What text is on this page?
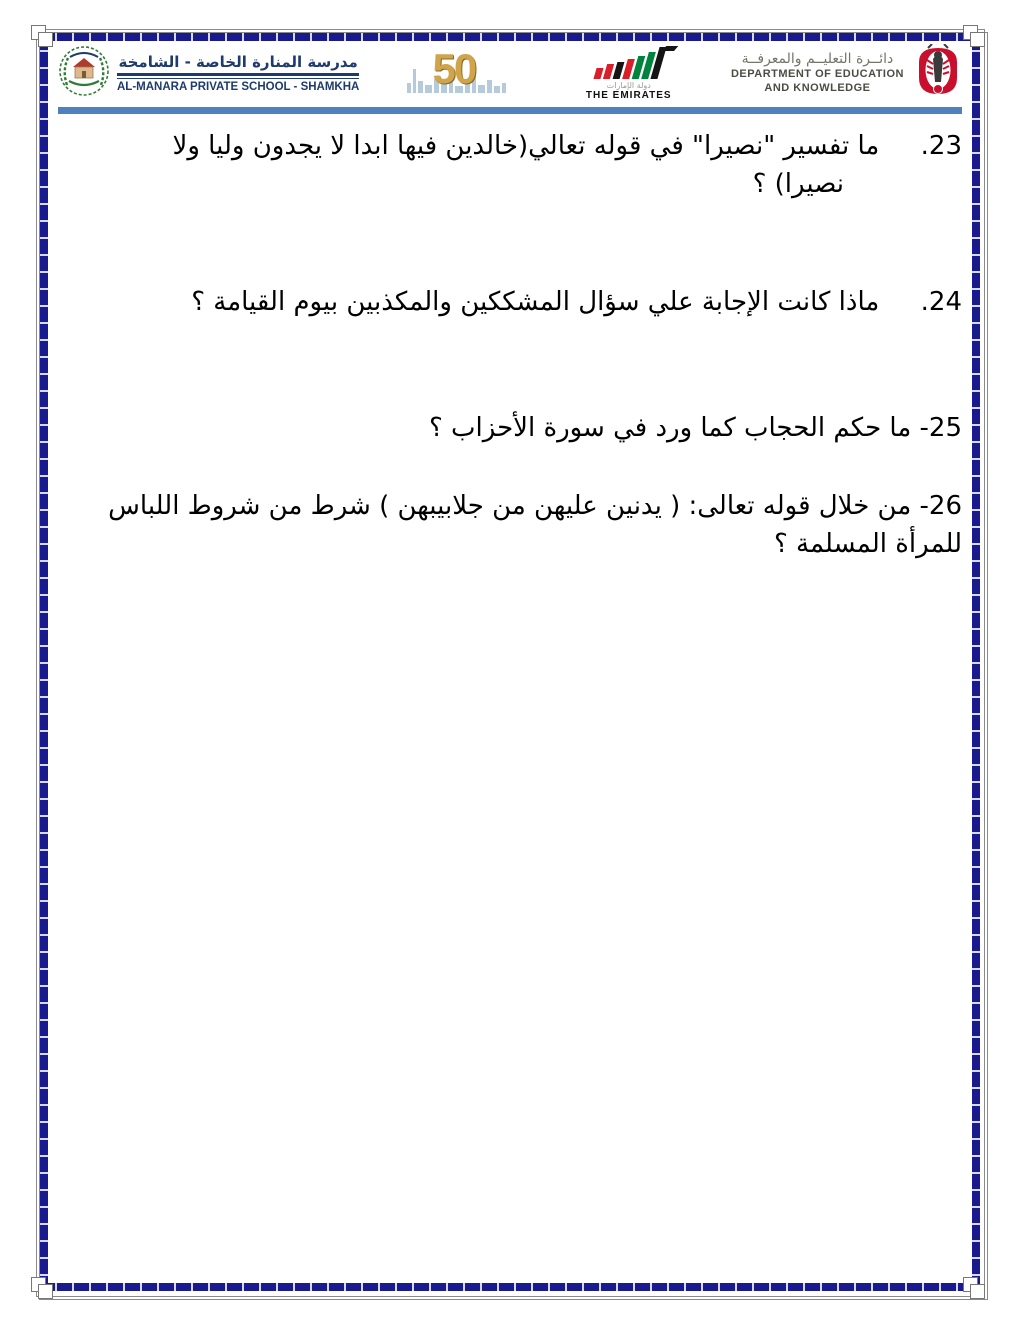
مدرسة المنارة الخاصة - الشامخة
AL-MANARA PRIVATE SCHOOL - SHAMKHA 50	دولة الإمارات
THE EMIRATES
دائــرة التعليــم والمعرفــة
DEPARTMENT OF EDUCATION
AND KNOWLEDGE
23.     ما تفسير "نصيرا" في قوله تعالي(خالدين فيها ابدا لا يجدون وليا ولا
نصيرا) ؟
24.     ماذا كانت الإجابة علي سؤال المشككين والمكذبين بيوم القيامة ؟
25- ما حكم الحجاب كما ورد في سورة الأحزاب ؟
26- من خلال قوله تعالى: ( يدنين عليهن من جلابيبهن ) شرط من شروط اللباس
للمرأة المسلمة ؟
